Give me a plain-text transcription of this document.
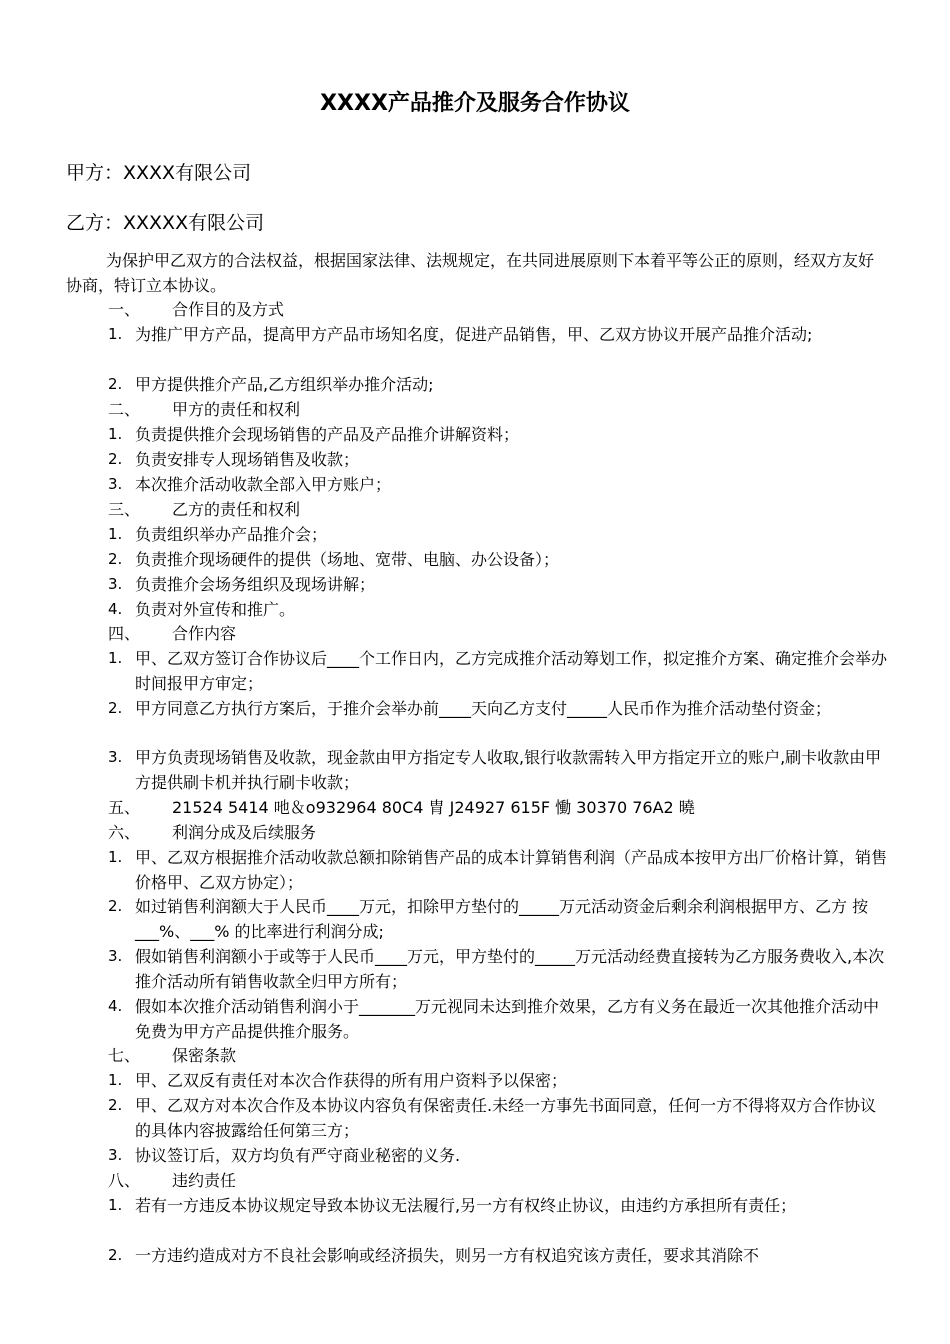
XXXX产品推介及服务合作协议
甲方：XXXX有限公司
乙方：XXXXX有限公司
为保护甲乙双方的合法权益，根据国家法律、法规规定，在共同进展原则下本着平等公正的原则，经双方友好协商，特订立本协议。
一、 合作目的及方式
1. 为推广甲方产品，提高甲方产品市场知名度，促进产品销售，甲、乙双方协议开展产品推介活动;
2. 甲方提供推介产品,乙方组织举办推介活动;
二、 甲方的责任和权利
1. 负责提供推介会现场销售的产品及产品推介讲解资料；
2. 负责安排专人现场销售及收款；
3. 本次推介活动收款全部入甲方账户；
三、 乙方的责任和权利
1. 负责组织举办产品推介会；
2. 负责推介现场硬件的提供（场地、宽带、电脑、办公设备）；
3. 负责推介会场务组织及现场讲解；
4. 负责对外宣传和推广。
四、 合作内容
1. 甲、乙双方签订合作协议后____个工作日内，乙方完成推介活动筹划工作，拟定推介方案、确定推介会举办时间报甲方审定；
2. 甲方同意乙方执行方案后，于推介会举办前____天向乙方支付_____人民币作为推介活动垫付资金；
3. 甲方负责现场销售及收款，现金款由甲方指定专人收取,银行收款需转入甲方指定开立的账户,刷卡收款由甲方提供刷卡机并执行刷卡收款；
五、 21524 5414 吔＆o932964 80C4 胄 J24927 615F 慟 30370 76A2 曉
六、 利润分成及后续服务
1. 甲、乙双方根据推介活动收款总额扣除销售产品的成本计算销售利润（产品成本按甲方出厂价格计算，销售价格甲、乙双方协定）；
2. 如过销售利润额大于人民币____万元，扣除甲方垫付的_____万元活动资金后剩余利润根据甲方、乙方 按___%、___% 的比率进行利润分成;
3. 假如销售利润额小于或等于人民币____万元，甲方垫付的_____万元活动经费直接转为乙方服务费收入,本次推介活动所有销售收款全归甲方所有；
4. 假如本次推介活动销售利润小于_______万元视同未达到推介效果，乙方有义务在最近一次其他推介活动中免费为甲方产品提供推介服务。
七、 保密条款
1. 甲、乙双反有责任对本次合作获得的所有用户资料予以保密；
2. 甲、乙双方对本次合作及本协议内容负有保密责任.未经一方事先书面同意，任何一方不得将双方合作协议的具体内容披露给任何第三方；
3. 协议签订后，双方均负有严守商业秘密的义务.
八、 违约责任
1. 若有一方违反本协议规定导致本协议无法履行,另一方有权终止协议，由违约方承担所有责任；
2. 一方违约造成对方不良社会影响或经济损失，则另一方有权追究该方责任，要求其消除不
